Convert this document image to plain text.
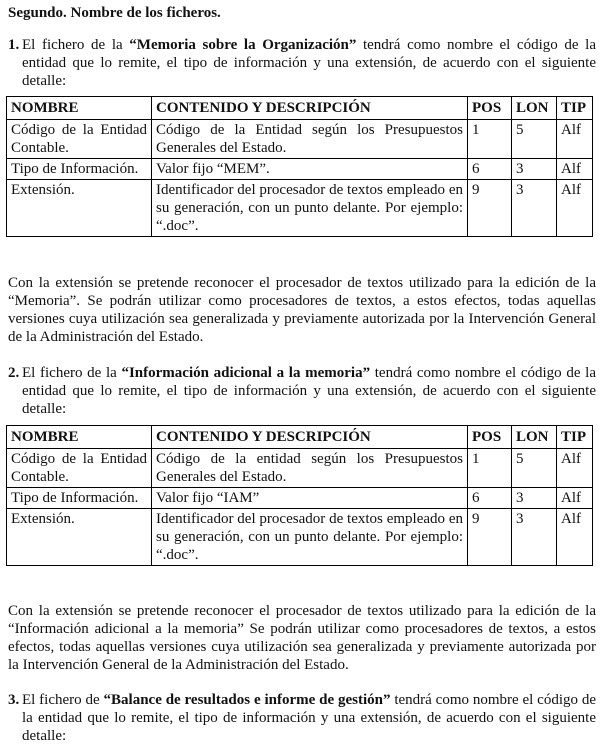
Segundo. Nombre de los ficheros.
1. El fichero de la “Memoria sobre la Organización” tendrá como nombre el código de la entidad que lo remite, el tipo de información y una extensión, de acuerdo con el siguiente detalle:
NOMBRE	CONTENIDO Y DESCRIPCIÓN	POS	LON	TIP
Código de la Entidad Contable.	Código de la Entidad según los Presupuestos Generales del Estado.	1	5	Alf
Tipo de Información.	Valor fijo “MEM”.	6	3	Alf
Extensión.	Identificador del procesador de textos empleado en su generación, con un punto delante. Por ejemplo: “.doc”.	9	3	Alf

Con la extensión se pretende reconocer el procesador de textos utilizado para la edición de la “Memoria”. Se podrán utilizar como procesadores de textos, a estos efectos, todas aquellas versiones cuya utilización sea generalizada y previamente autorizada por la Intervención General de la Administración del Estado.

2. El fichero de la “Información adicional a la memoria” tendrá como nombre el código de la entidad que lo remite, el tipo de información y una extensión, de acuerdo con el siguiente detalle:
NOMBRE	CONTENIDO Y DESCRIPCIÓN	POS	LON	TIP
Código de la Entidad Contable.	Código de la entidad según los Presupuestos Generales del Estado.	1	5	Alf
Tipo de Información.	Valor fijo “IAM”	6	3	Alf
Extensión.	Identificador del procesador de textos empleado en su generación, con un punto delante. Por ejemplo: “.doc”.	9	3	Alf

Con la extensión se pretende reconocer el procesador de textos utilizado para la edición de la “Información adicional a la memoria” Se podrán utilizar como procesadores de textos, a estos efectos, todas aquellas versiones cuya utilización sea generalizada y previamente autorizada por la Intervención General de la Administración del Estado.

3. El fichero de “Balance de resultados e informe de gestión” tendrá como nombre el código de la entidad que lo remite, el tipo de información y una extensión, de acuerdo con el siguiente detalle:
